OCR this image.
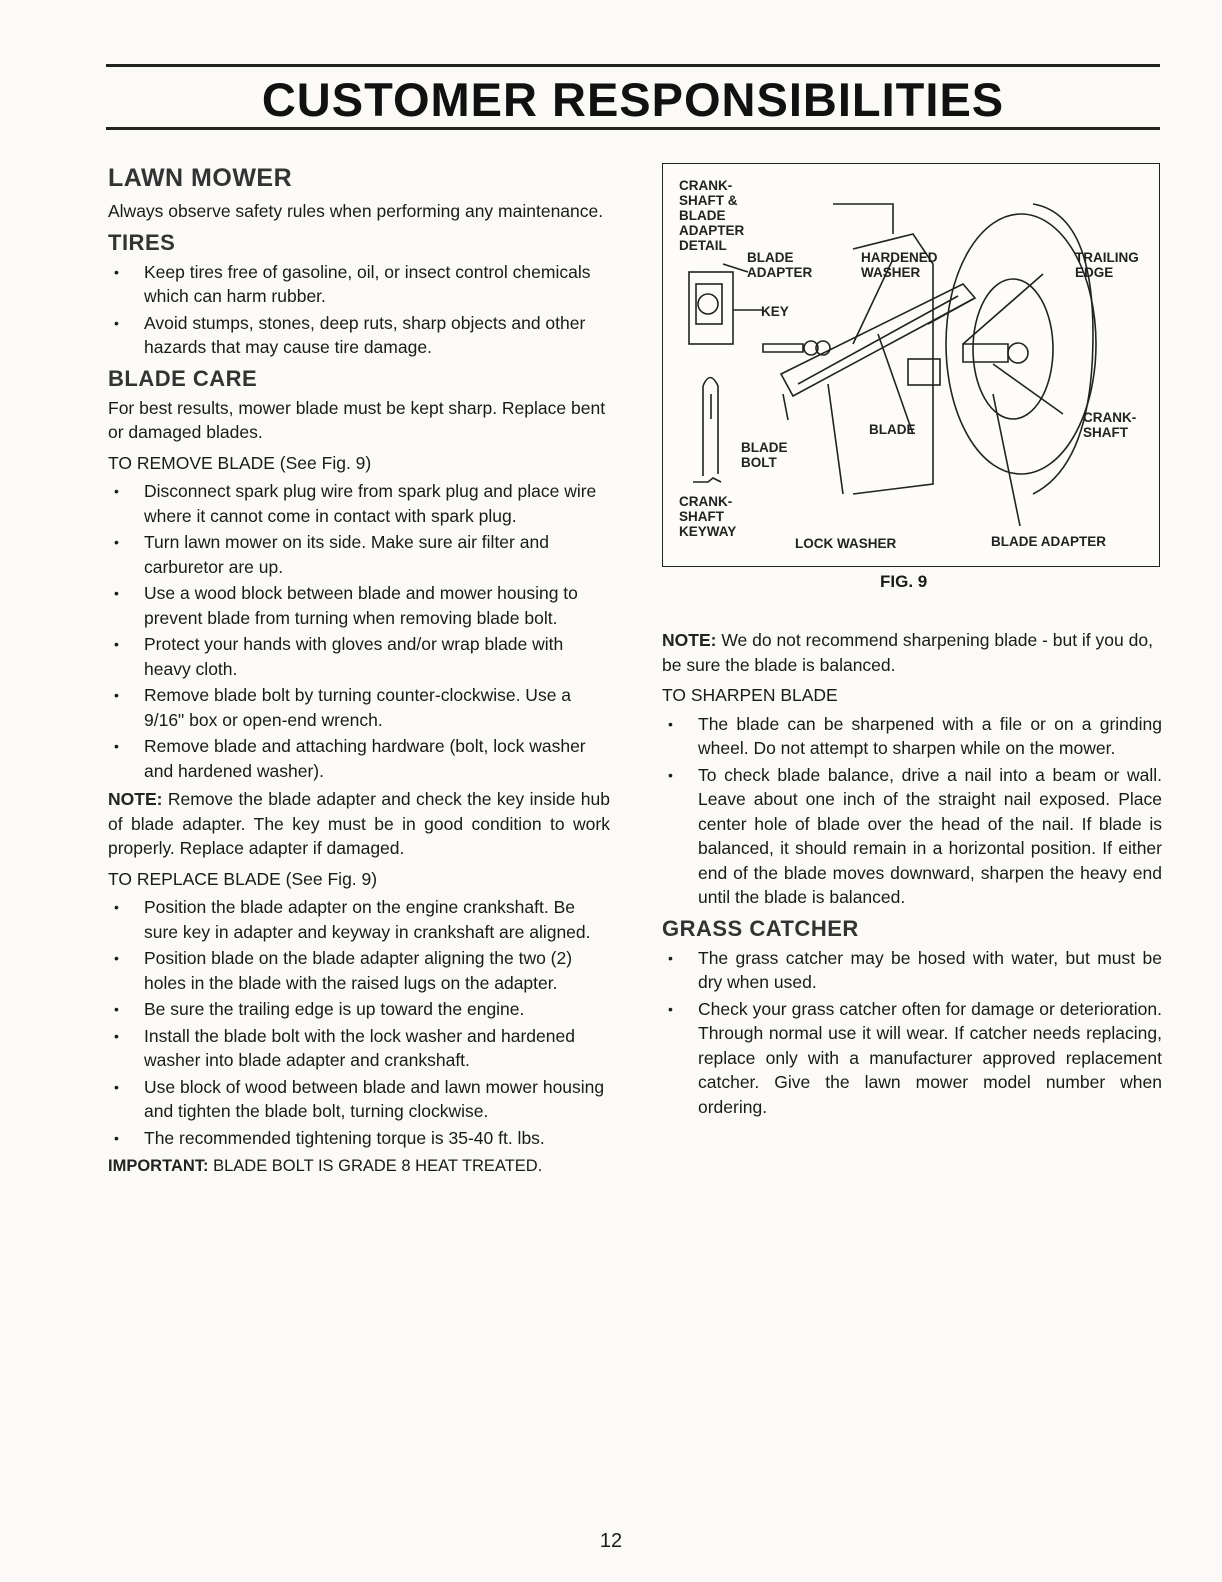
CUSTOMER RESPONSIBILITIES
LAWN MOWER

Always observe safety rules when performing any maintenance.

TIRES
• Keep tires free of gasoline, oil, or insect control chemicals which can harm rubber.
• Avoid stumps, stones, deep ruts, sharp objects and other hazards that may cause tire damage.
BLADE CARE

For best results, mower blade must be kept sharp. Replace bent or damaged blades.

TO REMOVE BLADE (See Fig. 9)
• Disconnect spark plug wire from spark plug and place wire where it cannot come in contact with spark plug.
• Turn lawn mower on its side. Make sure air filter and carburetor are up.
• Use a wood block between blade and mower housing to prevent blade from turning when removing blade bolt.
• Protect your hands with gloves and/or wrap blade with heavy cloth.
• Remove blade bolt by turning counter-clockwise. Use a 9/16" box or open-end wrench.
• Remove blade and attaching hardware (bolt, lock washer and hardened washer).

NOTE: Remove the blade adapter and check the key inside hub of blade adapter. The key must be in good condition to work properly. Replace adapter if damaged.

TO REPLACE BLADE (See Fig. 9)
• Position the blade adapter on the engine crankshaft. Be sure key in adapter and keyway in crankshaft are aligned.
• Position blade on the blade adapter aligning the two (2) holes in the blade with the raised lugs on the adapter.
• Be sure the trailing edge is up toward the engine.
• Install the blade bolt with the lock washer and hardened washer into blade adapter and crankshaft.
• Use block of wood between blade and lawn mower housing and tighten the blade bolt, turning clockwise.
• The recommended tightening torque is 35-40 ft. lbs.

IMPORTANT: BLADE BOLT IS GRADE 8 HEAT TREATED.

CRANK-
SHAFT &
BLADE
ADAPTER
DETAIL
BLADE
ADAPTER
HARDENED
WASHER
TRAILING
EDGE
KEY
BLADE
CRANK-
SHAFT
BLADE
BOLT
CRANK-
SHAFT
KEYWAY
LOCK WASHER	BLADE ADAPTER
FIG. 9

NOTE: We do not recommend sharpening blade - but if you do, be sure the blade is balanced.

TO SHARPEN BLADE
• The blade can be sharpened with a file or on a grinding wheel. Do not attempt to sharpen while on the mower.
• To check blade balance, drive a nail into a beam or wall. Leave about one inch of the straight nail exposed. Place center hole of blade over the head of the nail. If blade is balanced, it should remain in a horizontal position. If either end of the blade moves downward, sharpen the heavy end until the blade is balanced.
GRASS CATCHER
• The grass catcher may be hosed with water, but must be dry when used.
• Check your grass catcher often for damage or deterioration. Through normal use it will wear. If catcher needs replacing, replace only with a manufacturer approved replacement catcher. Give the lawn mower model number when ordering.
12
